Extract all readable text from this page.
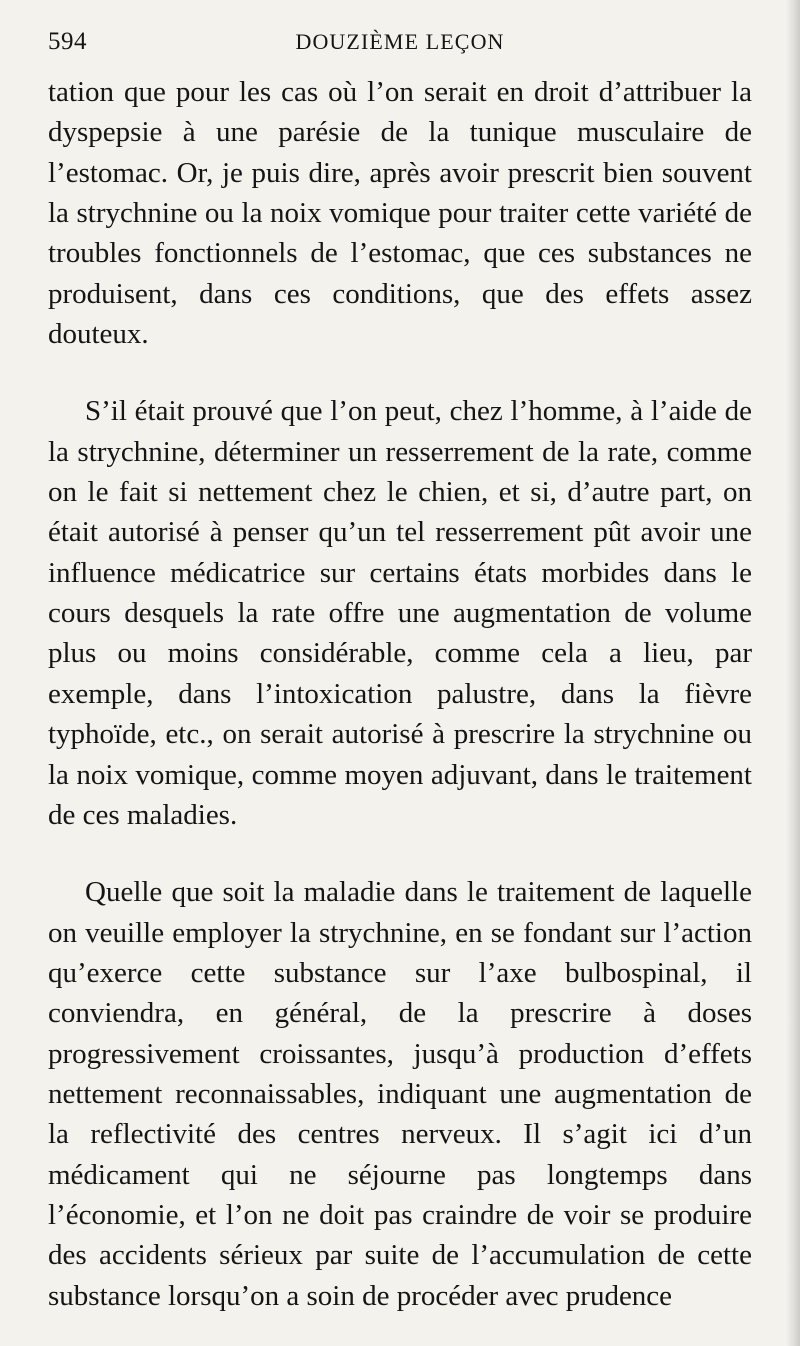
594	DOUZIÈME LEÇON

tation que pour les cas où l’on serait en droit d’attribuer la dyspepsie à une parésie de la tunique musculaire de l’estomac. Or, je puis dire, après avoir prescrit bien souvent la strychnine ou la noix vomique pour traiter cette variété de troubles fonctionnels de l’estomac, que ces substances ne produisent, dans ces conditions, que des effets assez douteux.

S’il était prouvé que l’on peut, chez l’homme, à l’aide de la strychnine, déterminer un resserrement de la rate, comme on le fait si nettement chez le chien, et si, d’autre part, on était autorisé à penser qu’un tel resserrement pût avoir une influence médicatrice sur certains états morbides dans le cours desquels la rate offre une augmentation de volume plus ou moins considérable, comme cela a lieu, par exemple, dans l’intoxication palustre, dans la fièvre typhoïde, etc., on serait autorisé à prescrire la strychnine ou la noix vomique, comme moyen adjuvant, dans le traitement de ces maladies.

Quelle que soit la maladie dans le traitement de laquelle on veuille employer la strychnine, en se fondant sur l’action qu’exerce cette substance sur l’axe bulbospinal, il conviendra, en général, de la prescrire à doses progressivement croissantes, jusqu’à production d’effets nettement reconnaissables, indiquant une augmentation de la reflectivité des centres nerveux. Il s’agit ici d’un médicament qui ne séjourne pas longtemps dans l’économie, et l’on ne doit pas craindre de voir se produire des accidents sérieux par suite de l’accumulation de cette substance lorsqu’on a soin de procéder avec prudence
